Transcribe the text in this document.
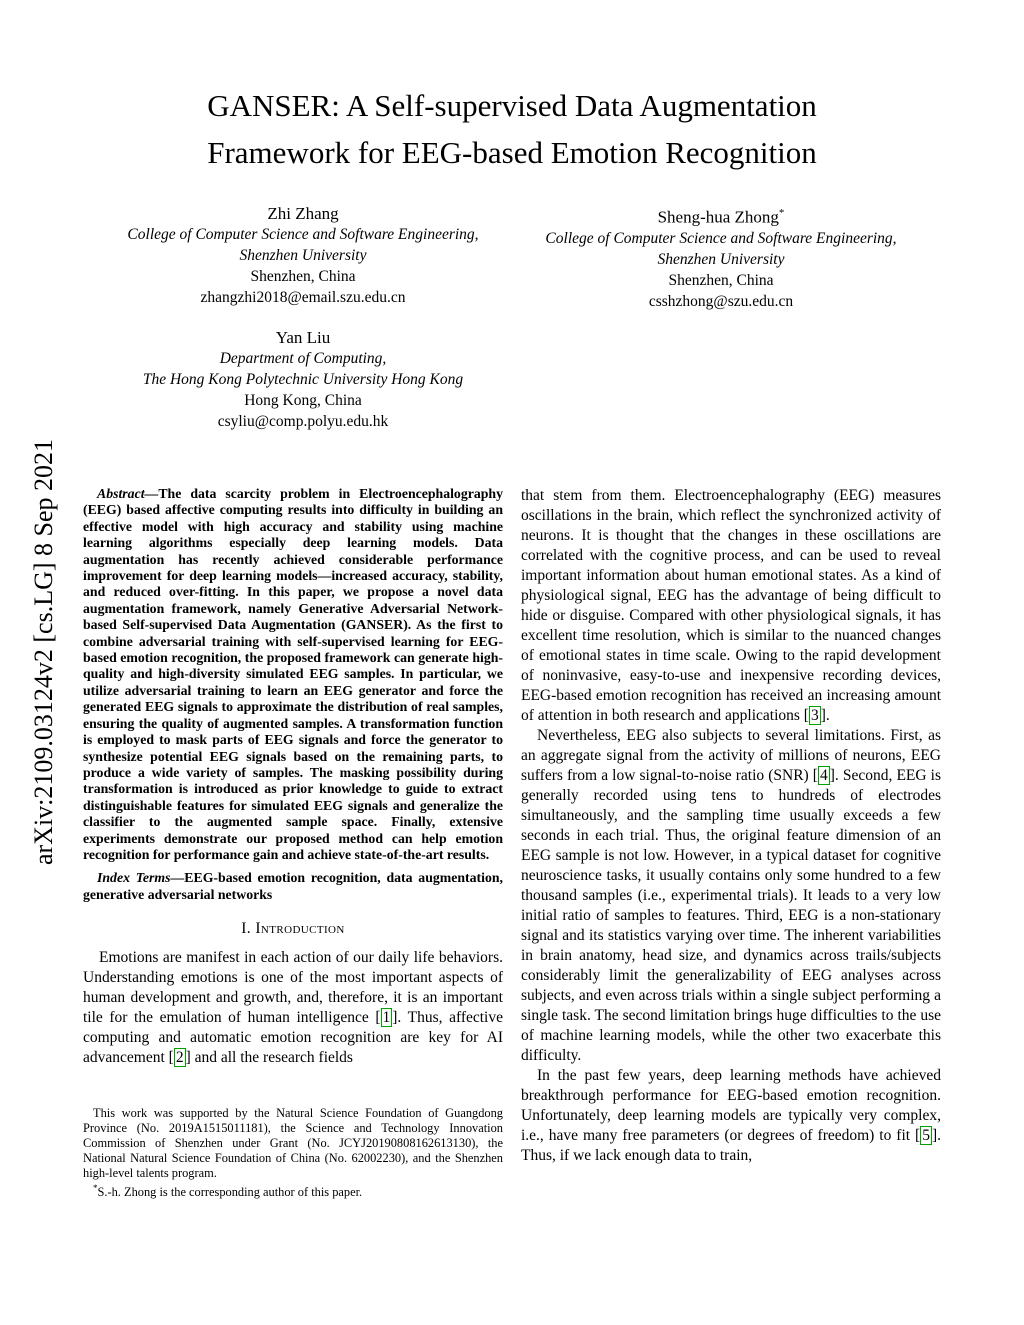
arXiv:2109.03124v2 [cs.LG] 8 Sep 2021
GANSER: A Self-supervised Data Augmentation
Framework for EEG-based Emotion Recognition
Zhi Zhang
College of Computer Science and Software Engineering,
Shenzhen University
Shenzhen, China
zhangzhi2018@email.szu.edu.cn
Sheng-hua Zhong*
College of Computer Science and Software Engineering,
Shenzhen University
Shenzhen, China
csshzhong@szu.edu.cn
Yan Liu
Department of Computing,
The Hong Kong Polytechnic University Hong Kong
Hong Kong, China
csyliu@comp.polyu.edu.hk

Abstract—The data scarcity problem in Electroencephalography (EEG) based affective computing results into difficulty in building an effective model with high accuracy and stability using machine learning algorithms especially deep learning models. Data augmentation has recently achieved considerable performance improvement for deep learning models—increased accuracy, stability, and reduced over-fitting. In this paper, we propose a novel data augmentation framework, namely Generative Adversarial Network-based Self-supervised Data Augmentation (GANSER). As the first to combine adversarial training with self-supervised learning for EEG-based emotion recognition, the proposed framework can generate high-quality and high-diversity simulated EEG samples. In particular, we utilize adversarial training to learn an EEG generator and force the generated EEG signals to approximate the distribution of real samples, ensuring the quality of augmented samples. A transformation function is employed to mask parts of EEG signals and force the generator to synthesize potential EEG signals based on the remaining parts, to produce a wide variety of samples. The masking possibility during transformation is introduced as prior knowledge to guide to extract distinguishable features for simulated EEG signals and generalize the classifier to the augmented sample space. Finally, extensive experiments demonstrate our proposed method can help emotion recognition for performance gain and achieve state-of-the-art results.

Index Terms—EEG-based emotion recognition, data augmentation, generative adversarial networks

I. Introduction

Emotions are manifest in each action of our daily life behaviors. Understanding emotions is one of the most important aspects of human development and growth, and, therefore, it is an important tile for the emulation of human intelligence [ 1 ]. Thus, affective computing and automatic emotion recognition are key for AI advancement [ 2 ] and all the research fields

that stem from them. Electroencephalography (EEG) measures oscillations in the brain, which reflect the synchronized activity of neurons. It is thought that the changes in these oscillations are correlated with the cognitive process, and can be used to reveal important information about human emotional states. As a kind of physiological signal, EEG has the advantage of being difficult to hide or disguise. Compared with other physiological signals, it has excellent time resolution, which is similar to the nuanced changes of emotional states in time scale. Owing to the rapid development of noninvasive, easy-to-use and inexpensive recording devices, EEG-based emotion recognition has received an increasing amount of attention in both research and applications [ 3 ].

Nevertheless, EEG also subjects to several limitations. First, as an aggregate signal from the activity of millions of neurons, EEG suffers from a low signal-to-noise ratio (SNR) [ 4 ]. Second, EEG is generally recorded using tens to hundreds of electrodes simultaneously, and the sampling time usually exceeds a few seconds in each trial. Thus, the original feature dimension of an EEG sample is not low. However, in a typical dataset for cognitive neuroscience tasks, it usually contains only some hundred to a few thousand samples (i.e., experimental trials). It leads to a very low initial ratio of samples to features. Third, EEG is a non-stationary signal and its statistics varying over time. The inherent variabilities in brain anatomy, head size, and dynamics across trails/subjects considerably limit the generalizability of EEG analyses across subjects, and even across trials within a single subject performing a single task. The second limitation brings huge difficulties to the use of machine learning models, while the other two exacerbate this difficulty.

In the past few years, deep learning methods have achieved breakthrough performance for EEG-based emotion recognition. Unfortunately, deep learning models are typically very complex, i.e., have many free parameters (or degrees of freedom) to fit [ 5 ]. Thus, if we lack enough data to train,

This work was supported by the Natural Science Foundation of Guangdong Province (No. 2019A1515011181), the Science and Technology Innovation Commission of Shenzhen under Grant (No. JCYJ20190808162613130), the National Natural Science Foundation of China (No. 62002230), and the Shenzhen high-level talents program.

*S.-h. Zhong is the corresponding author of this paper.
